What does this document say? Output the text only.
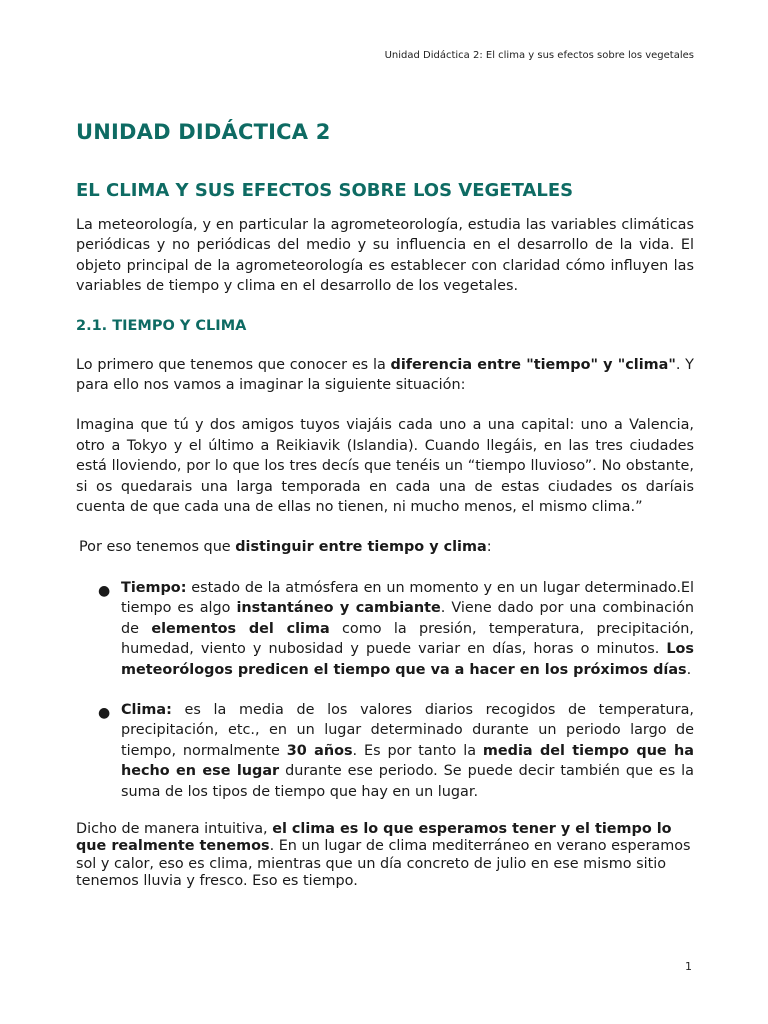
Unidad Didáctica 2: El clima y sus efectos sobre los vegetales
UNIDAD DIDÁCTICA 2
EL CLIMA Y SUS EFECTOS SOBRE LOS VEGETALES

La meteorología, y en particular la agrometeorología, estudia las variables climáticas periódicas y no periódicas del medio y su influencia en el desarrollo de la vida. El objeto principal de la agrometeorología es establecer con claridad cómo influyen las variables de tiempo y clima en el desarrollo de los vegetales.

2.1. TIEMPO Y CLIMA

Lo primero que tenemos que conocer es la diferencia entre "tiempo" y "clima". Y para ello nos vamos a imaginar la siguiente situación:

Imagina que tú y dos amigos tuyos viajáis cada uno a una capital: uno a Valencia, otro a Tokyo y el último a Reikiavik (Islandia). Cuando llegáis, en las tres ciudades está lloviendo, por lo que los tres decís que tenéis un “tiempo lluvioso”. No obstante, si os quedarais una larga temporada en cada una de estas ciudades os daríais cuenta de que cada una de ellas no tienen, ni mucho menos, el mismo clima.”

Por eso tenemos que distinguir entre tiempo y clima:

● Tiempo: estado de la atmósfera en un momento y en un lugar determinado.El tiempo es algo instantáneo y cambiante. Viene dado por una combinación de elementos del clima como la presión, temperatura, precipitación, humedad, viento y nubosidad y puede variar en días, horas o minutos. Los meteorólogos predicen el tiempo que va a hacer en los próximos días.

● Clima: es la media de los valores diarios recogidos de temperatura, precipitación, etc., en un lugar determinado durante un periodo largo de tiempo, normalmente 30 años. Es por tanto la media del tiempo que ha hecho en ese lugar durante ese periodo. Se puede decir también que es la suma de los tipos de tiempo que hay en un lugar.

Dicho de manera intuitiva, el clima es lo que esperamos tener y el tiempo lo que realmente tenemos. En un lugar de clima mediterráneo en verano esperamos sol y calor, eso es clima, mientras que un día concreto de julio en ese mismo sitio tenemos lluvia y fresco. Eso es tiempo.

1
